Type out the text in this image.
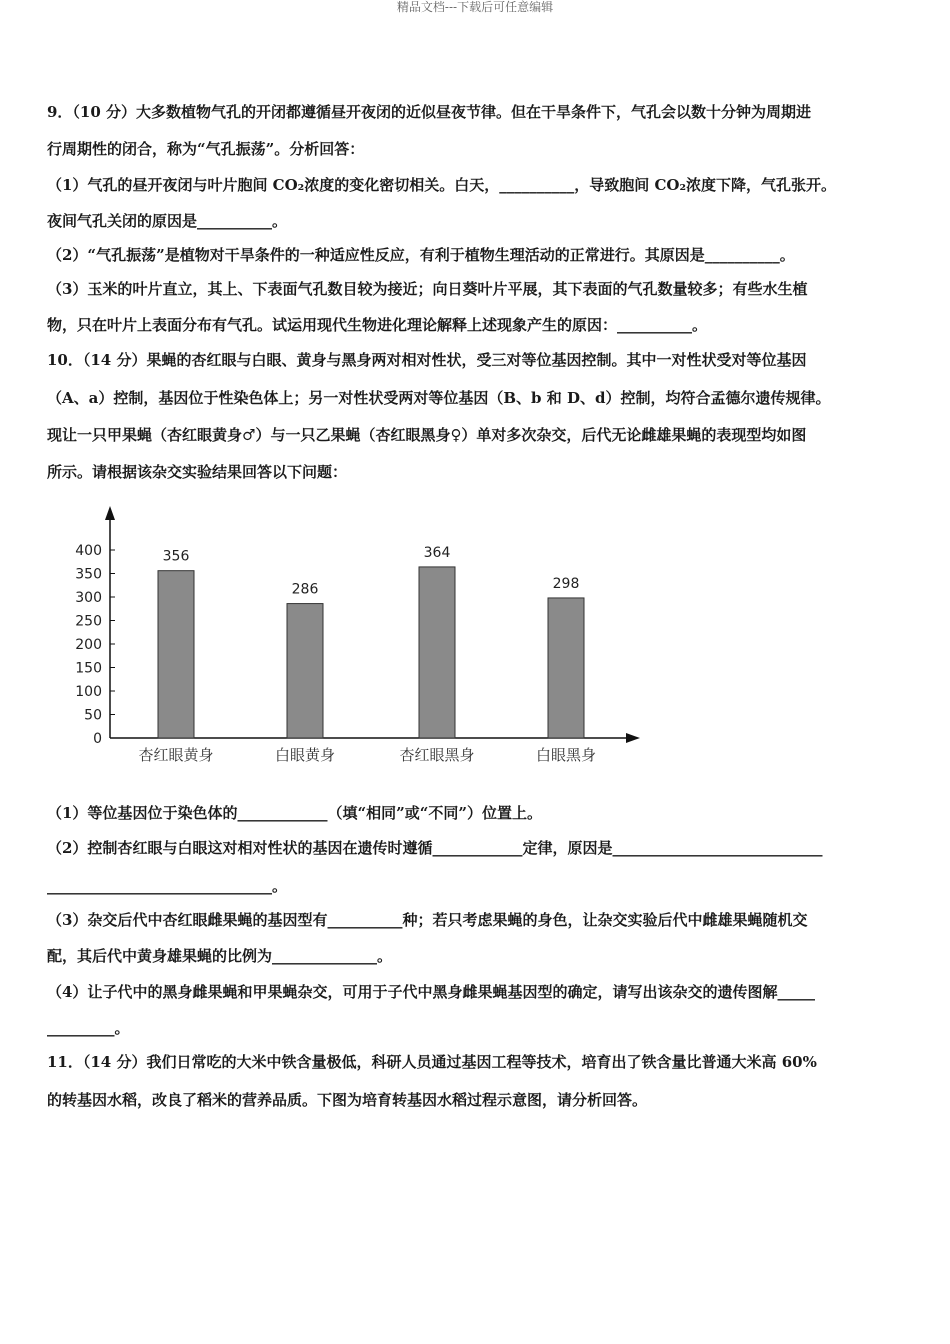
精品文档---下载后可任意编辑
9．（10 分）大多数植物气孔的开闭都遵循昼开夜闭的近似昼夜节律。但在干旱条件下，气孔会以数十分钟为周期进
行周期性的闭合，称为“气孔振荡”。分析回答：
（1）气孔的昼开夜闭与叶片胞间 CO₂浓度的变化密切相关。白天，__________，导致胞间 CO₂浓度下降，气孔张开。
夜间气孔关闭的原因是__________。
（2）“气孔振荡”是植物对干旱条件的一种适应性反应，有利于植物生理活动的正常进行。其原因是__________。
（3）玉米的叶片直立，其上、下表面气孔数目较为接近；向日葵叶片平展，其下表面的气孔数量较多；有些水生植
物，只在叶片上表面分布有气孔。试运用现代生物进化理论解释上述现象产生的原因：__________。
10．（14 分）果蝇的杏红眼与白眼、黄身与黑身两对相对性状，受三对等位基因控制。其中一对性状受对等位基因
（A、a）控制，基因位于性染色体上；另一对性状受两对等位基因（B、b 和 D、d）控制，均符合孟德尔遗传规律。
现让一只甲果蝇（杏红眼黄身♂）与一只乙果蝇（杏红眼黑身♀）单对多次杂交，后代无论雌雄果蝇的表现型均如图
所示。请根据该杂交实验结果回答以下问题：
400
350
300
250
200
150
100
50
0
356
杏红眼黄身
286
白眼黄身
364
杏红眼黑身
298
白眼黑身
（1）等位基因位于染色体的____________（填“相同”或“不同”）位置上。
（2）控制杏红眼与白眼这对相对性状的基因在遗传时遵循____________定律，原因是____________________________
______________________________。
（3）杂交后代中杏红眼雌果蝇的基因型有__________种；若只考虑果蝇的身色，让杂交实验后代中雌雄果蝇随机交
配，其后代中黄身雄果蝇的比例为______________。
（4）让子代中的黑身雌果蝇和甲果蝇杂交，可用于子代中黑身雌果蝇基因型的确定，请写出该杂交的遗传图解_____
_________。
11．（14 分）我们日常吃的大米中铁含量极低，科研人员通过基因工程等技术，培育出了铁含量比普通大米高 60%
的转基因水稻，改良了稻米的营养品质。下图为培育转基因水稻过程示意图，请分析回答。
